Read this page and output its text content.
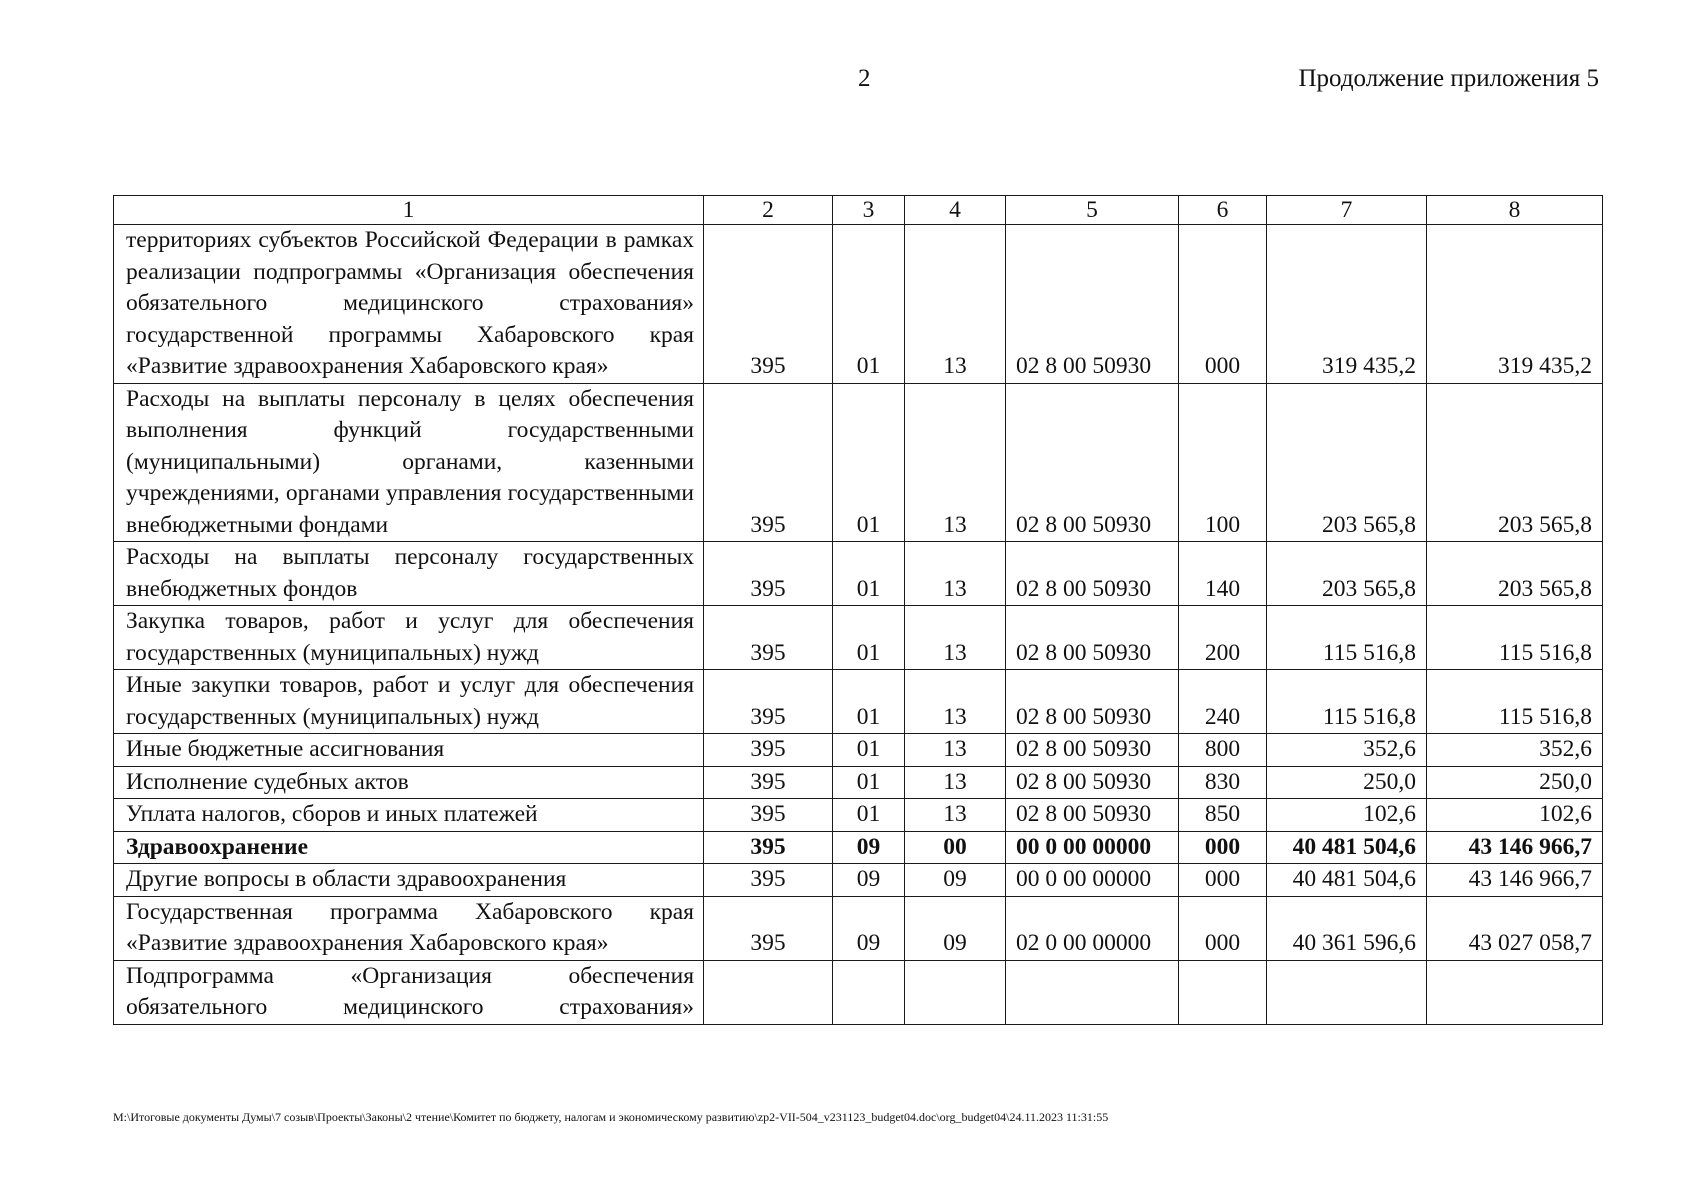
2	Продолжение приложения 5
1	2	3	4	5	6	7	8
территориях субъектов Российской Федерации в рамках реализации подпрограммы «Организация обеспечения обязательного медицинского страхования» государственной программы Хабаровского края «Развитие здравоохранения Хабаровского края»	395	01	13	02 8 00 50930	000	319 435,2	319 435,2
Расходы на выплаты персоналу в целях обеспечения выполнения функций государственными (муниципальными) органами, казенными учреждениями, органами управления государственными внебюджетными фондами	395	01	13	02 8 00 50930	100	203 565,8	203 565,8
Расходы на выплаты персоналу государственных внебюджетных фондов	395	01	13	02 8 00 50930	140	203 565,8	203 565,8
Закупка товаров, работ и услуг для обеспечения государственных (муниципальных) нужд	395	01	13	02 8 00 50930	200	115 516,8	115 516,8
Иные закупки товаров, работ и услуг для обеспечения государственных (муниципальных) нужд	395	01	13	02 8 00 50930	240	115 516,8	115 516,8
Иные бюджетные ассигнования	395	01	13	02 8 00 50930	800	352,6	352,6
Исполнение судебных актов	395	01	13	02 8 00 50930	830	250,0	250,0
Уплата налогов, сборов и иных платежей	395	01	13	02 8 00 50930	850	102,6	102,6
Здравоохранение	395	09	00	00 0 00 00000	000	40 481 504,6	43 146 966,7
Другие вопросы в области здравоохранения	395	09	09	00 0 00 00000	000	40 481 504,6	43 146 966,7
Государственная программа Хабаровского края «Развитие здравоохранения Хабаровского края»	395	09	09	02 0 00 00000	000	40 361 596,6	43 027 058,7
Подпрограмма «Организация обеспечения обязательного медицинского страхования»							
M:\Итоговые документы Думы\7 созыв\Проекты\Законы\2 чтение\Комитет по бюджету, налогам и экономическому развитию\zp2-VII-504_v231123_budget04.doc\org_budget04\24.11.2023 11:31:55
